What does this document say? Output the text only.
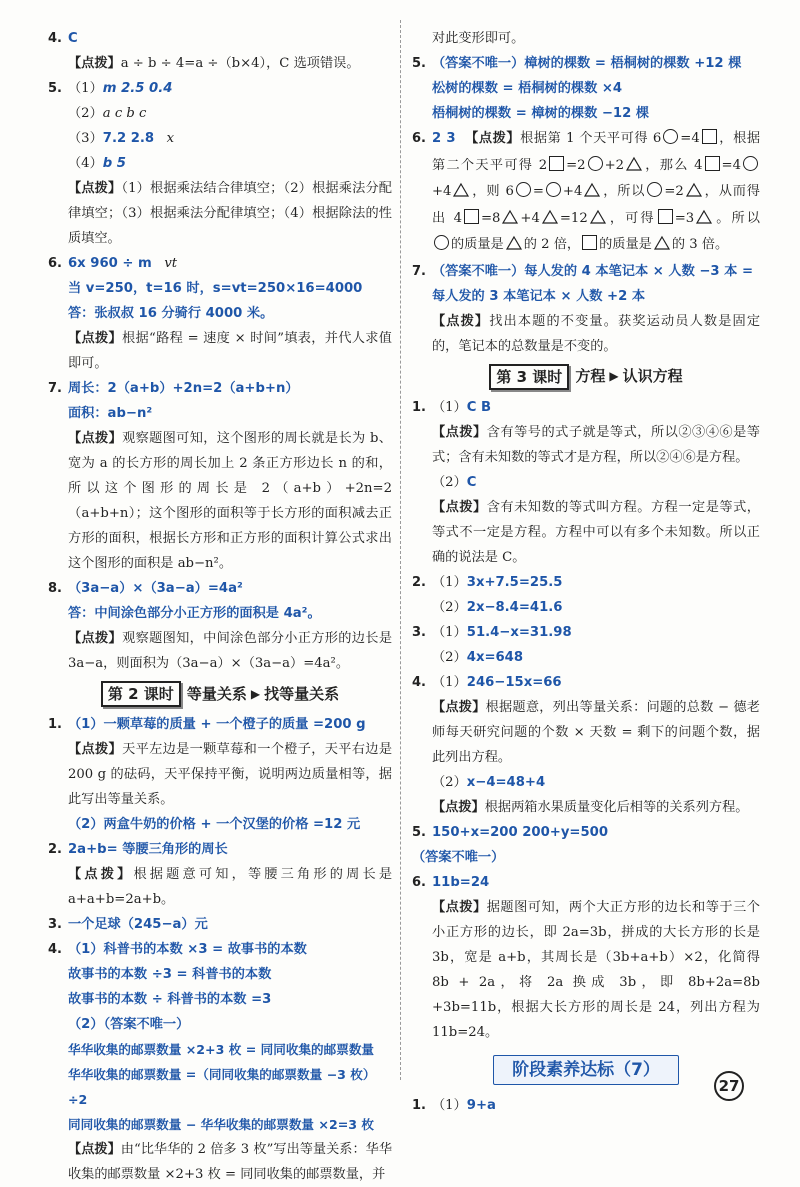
4. C
【点拨】a ÷ b ÷ 4=a ÷（b×4），C 选项错误。
5. （1） m 2.5 0.4
（2）a c b c
（3）7.2 2.8 x
（4）b 5
【点拨】（1）根据乘法结合律填空；（2）根据乘法分配律填空；（3）根据乘法分配律填空；（4）根据除法的性质填空。
6. 6x 960 ÷ m
vt
当 v=250，t=16 时，s=vt=250×16=4000
答：张叔叔 16 分骑行 4000 米。
【点拨】根据“路程 = 速度 × 时间”填表，并代人求值即可。
7. 周长：2（a+b）+2n=2（a+b+n）
面积：ab−n²
【点拨】观察题图可知，这个图形的周长就是长为 b、宽为 a 的长方形的周长加上 2 条正方形边长 n 的和，所以这个图形的周长是 2（a+b）+2n=2（a+b+n）；这个图形的面积等于长方形的面积减去正方形的面积，根据长方形和正方形的面积计算公式求出这个图形的面积是 ab−n²。
8. （3a−a）×（3a−a）=4a²
答：中间涂色部分小正方形的面积是 4a²。
【点拨】观察题图知，中间涂色部分小正方形的边长是 3a−a，则面积为（3a−a）×（3a−a）=4a²。
第 2 课时 等量关系 ▶ 找等量关系
1. （1）一颗草莓的质量 + 一个橙子的质量 =200 g
【点拨】天平左边是一颗草莓和一个橙子，天平右边是 200 g 的砝码，天平保持平衡，说明两边质量相等，据此写出等量关系。
（2）两盒牛奶的价格 + 一个汉堡的价格 =12 元
2. 2a+b= 等腰三角形的周长
【点拨】根据题意可知，等腰三角形的周长是 a+a+b=2a+b。
3. 一个足球（245−a）元
4. （1）科普书的本数 ×3 = 故事书的本数
故事书的本数 ÷3 = 科普书的本数
故事书的本数 ÷ 科普书的本数 =3
（2）（答案不唯一）
华华收集的邮票数量 ×2+3 枚 = 同同收集的邮票数量
华华收集的邮票数量 =（同同收集的邮票数量 −3 枚）÷2
同同收集的邮票数量 − 华华收集的邮票数量 ×2=3 枚
【点拨】由“比华华的 2 倍多 3 枚”写出等量关系：华华收集的邮票数量 ×2+3 枚 = 同同收集的邮票数量，并
对此变形即可。
5. （答案不唯一）樟树的棵数 = 梧桐树的棵数 +12 棵
松树的棵数 = 梧桐树的棵数 ×4
梧桐树的棵数 = 樟树的棵数 −12 棵
6. 2 3 【点拨】根据第 1 个天平可得 6 =4 ，根据第二个天平可得 2 =2 +2 ，那么 4 =4+4 ，则 6 = +4 ，所以 =2 ，从而得出 4 =8 +4 =12 ，可得 =3 。所以的质量是 的 2 倍， 的质量是 的 3 倍。
7. （答案不唯一）每人发的 4 本笔记本 × 人数 −3 本 =
每人发的 3 本笔记本 × 人数 +2 本
【点拨】找出本题的不变量。获奖运动员人数是固定的，笔记本的总数量是不变的。
第 3 课时 方程 ▶ 认识方程
1. （1） C B
【点拨】含有等号的式子就是等式，所以②③④⑥是等式；含有未知数的等式才是方程，所以②④⑥是方程。
（2）C
【点拨】含有未知数的等式叫方程。方程一定是等式，等式不一定是方程。方程中可以有多个未知数。所以正确的说法是 C。
2. （1） 3x+7.5=25.5
（2）2x−8.4=41.6
3. （1） 51.4−x=31.98
（2）4x=648
4. （1） 246−15x=66
【点拨】根据题意，列出等量关系：问题的总数 − 德老师每天研究问题的个数 × 天数 = 剩下的问题个数，据此列出方程。
（2）x−4=48+4
【点拨】根据两箱水果质量变化后相等的关系列方程。
5. 150+x=200 200+y=500
（答案不唯一）
6. 11b=24
【点拨】据题图可知，两个大正方形的边长和等于三个小正方形的边长，即 2a=3b，拼成的大长方形的长是 3b，宽是 a+b，其周长是（3b+a+b）×2，化简得 8b + 2a，将 2a 换成 3b，即 8b+2a=8b +3b=11b，根据大长方形的周长是 24，列出方程为 11b=24。
阶段素养达标（7）
1. （1） 9+a
27
